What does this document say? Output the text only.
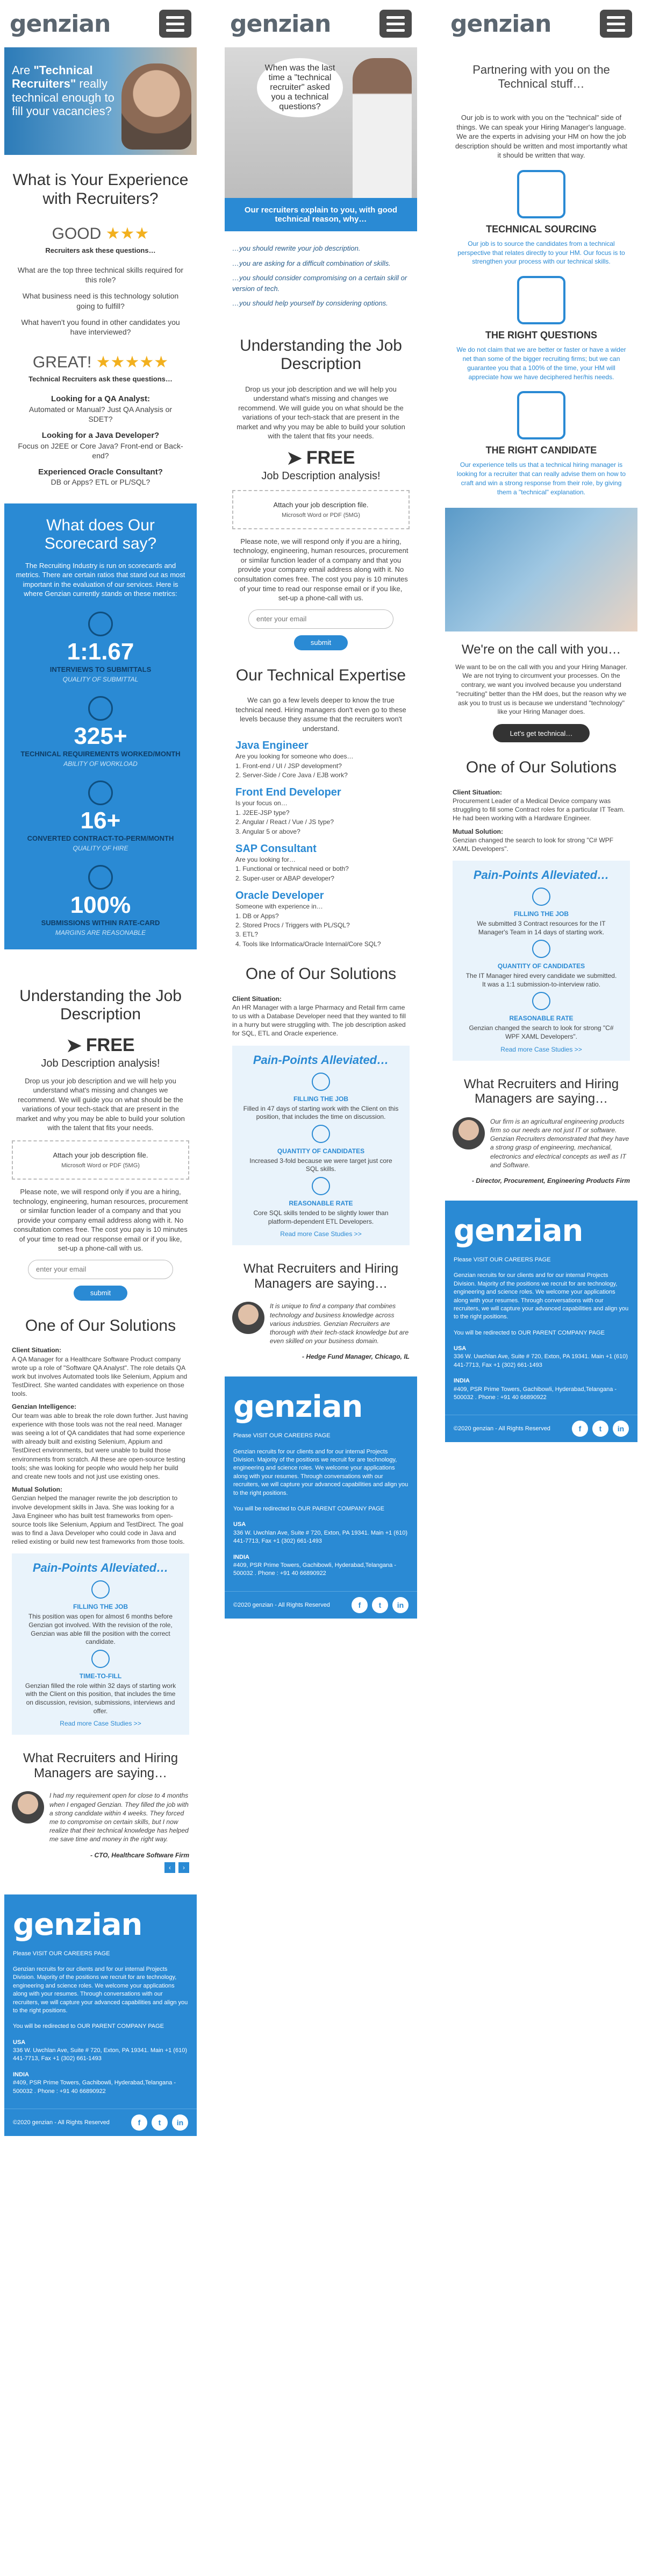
genzian
Are "Technical Recruiters" really technical enough to fill your vacancies?
What is Your Experience with Recruiters?
GOOD ★★★
Recruiters ask these questions…
What are the top three technical skills required for this role?
What business need is this technology solution going to fulfill?
What haven't you found in other candidates you have interviewed?
GREAT! ★★★★★
Technical Recruiters ask these questions…
Looking for a QA Analyst:
Automated or Manual? Just QA Analysis or SDET?
Looking for a Java Developer?
Focus on J2EE or Core Java? Front-end or Back-end?
Experienced Oracle Consultant?
DB or Apps? ETL or PL/SQL?
What does Our Scorecard say?

The Recruiting Industry is run on scorecards and metrics. There are certain ratios that stand out as most important in the evaluation of our services. Here is where Genzian currently stands on these metrics:

1:1.67
INTERVIEWS TO SUBMITTALS
QUALITY OF SUBMITTAL
325+
TECHNICAL REQUIREMENTS WORKED/MONTH
ABILITY OF WORKLOAD
16+
CONVERTED CONTRACT-TO-PERM/MONTH
QUALITY OF HIRE
100%
SUBMISSIONS WITHIN RATE-CARD
MARGINS ARE REASONABLE
Understanding the Job Description
➤ FREE
Job Description analysis!
Drop us your job description and we will help you understand what's missing and changes we recommend. We will guide you on what should be the variations of your tech-stack that are present in the market and why you may be able to build your solution with the talent that fits your needs.
Attach your job description file.
Microsoft Word or PDF (5MG)
Please note, we will respond only if you are a hiring, technology, engineering, human resources, procurement or similar function leader of a company and that you provide your company email address along with it. No consultation comes free. The cost you pay is 10 minutes of your time to read our response email or if you like, set-up a phone-call with us.
enter your email
submit
One of Our Solutions
Client Situation:
A QA Manager for a Healthcare Software Product company wrote up a role of "Software QA Analyst". The role details QA work but involves Automated tools like Selenium, Appium and TestDirect. She wanted candidates with experience on those tools.
Genzian Intelligence:
Our team was able to break the role down further. Just having experience with those tools was not the real need. Manager was seeing a lot of QA candidates that had some experience with already built and existing Selenium, Appium and TestDirect environments, but were unable to build those environments from scratch. All these are open-source testing tools; she was looking for people who would help her build and create new tools and not just use existing ones.
Mutual Solution:
Genzian helped the manager rewrite the job description to involve development skills in Java. She was looking for a Java Engineer who has built test frameworks from open-source tools like Selenium, Appium and TestDirect. The goal was to find a Java Developer who could code in Java and relied existing or build new test frameworks from those tools.
Pain-Points Alleviated…
FILLING THE JOB
This position was open for almost 6 months before Genzian got involved. With the revision of the role, Genzian was able fill the position with the correct candidate.
TIME-TO-FILL
Genzian filled the role within 32 days of starting work with the Client on this position, that includes the time on discussion, revision, submissions, interviews and offer.
Read more Case Studies >>
What Recruiters and Hiring Managers are saying…
I had my requirement open for close to 4 months when I engaged Genzian. They filled the job with a strong candidate within 4 weeks. They forced me to compromise on certain skills, but I now realize that their technical knowledge has helped me save time and money in the right way.
- CTO, Healthcare Software Firm
‹	›
genzian

Please VISIT OUR CAREERS PAGE

Genzian recruits for our clients and for our internal Projects Division. Majority of the positions we recruit for are technology, engineering and science roles. We welcome your applications along with your resumes. Through conversations with our recruiters, we will capture your advanced capabilities and align you to the right positions.

You will be redirected to OUR PARENT COMPANY PAGE

USA
336 W. Uwchlan Ave, Suite # 720, Exton, PA 19341. Main +1 (610) 441-7713, Fax +1 (302) 661-1493
INDIA
#409, PSR Prime Towers, Gachibowli, Hyderabad,Telangana - 500032 . Phone : +91 40 66890922
©2020 genzian - All Rights Reserved	f	t	in
genzian
When was the last time a "technical recruiter" asked you a technical questions?
Our recruiters explain to you, with good technical reason, why…
…you should rewrite your job description.
…you are asking for a difficult combination of skills.
…you should consider compromising on a certain skill or version of tech.
…you should help yourself by considering options.
Understanding the Job Description
Drop us your job description and we will help you understand what's missing and changes we recommend. We will guide you on what should be the variations of your tech-stack that are present in the market and why you may be able to build your solution with the talent that fits your needs.
➤ FREE
Job Description analysis!
Attach your job description file.
Microsoft Word or PDF (5MG)
Please note, we will respond only if you are a hiring, technology, engineering, human resources, procurement or similar function leader of a company and that you provide your company email address along with it. No consultation comes free. The cost you pay is 10 minutes of your time to read our response email or if you like, set-up a phone-call with us.
enter your email
submit
Our Technical Expertise
We can go a few levels deeper to know the true technical need. Hiring managers don't even go to these levels because they assume that the recruiters won't understand.
Java Engineer
Are you looking for someone who does…
1. Front-end / UI / JSP development?
2. Server-Side / Core Java / EJB work?
Front End Developer
Is your focus on…
1. J2EE-JSP type?
2. Angular / React / Vue / JS type?
3. Angular 5 or above?
SAP Consultant
Are you looking for…
1. Functional or technical need or both?
2. Super-user or ABAP developer?
Oracle Developer
Someone with experience in…
1. DB or Apps?
2. Stored Procs / Triggers with PL/SQL?
3. ETL?
4. Tools like Informatica/Oracle Internal/Core SQL?
One of Our Solutions
Client Situation:
An HR Manager with a large Pharmacy and Retail firm came to us with a Database Developer need that they wanted to fill in a hurry but were struggling with. The job description asked for SQL, ETL and Oracle experience.
Pain-Points Alleviated…
FILLING THE JOB
Filled in 47 days of starting work with the Client on this position, that includes the time on discussion.
QUANTITY OF CANDIDATES
Increased 3-fold because we were target just core SQL skills.
REASONABLE RATE
Core SQL skills tended to be slightly lower than platform-dependent ETL Developers.
Read more Case Studies >>
What Recruiters and Hiring Managers are saying…
It is unique to find a company that combines technology and business knowledge across various industries. Genzian Recruiters are thorough with their tech-stack knowledge but are even skilled on your business domain.
- Hedge Fund Manager, Chicago, IL
genzian

Please VISIT OUR CAREERS PAGE

Genzian recruits for our clients and for our internal Projects Division. Majority of the positions we recruit for are technology, engineering and science roles. We welcome your applications along with your resumes. Through conversations with our recruiters, we will capture your advanced capabilities and align you to the right positions.

You will be redirected to OUR PARENT COMPANY PAGE

USA
336 W. Uwchlan Ave, Suite # 720, Exton, PA 19341. Main +1 (610) 441-7713, Fax +1 (302) 661-1493
INDIA
#409, PSR Prime Towers, Gachibowli, Hyderabad,Telangana - 500032 . Phone : +91 40 66890922
©2020 genzian - All Rights Reserved	f	t	in
genzian
Partnering with you on the Technical stuff…
Our job is to work with you on the "technical" side of things. We can speak your Hiring Manager's language. We are the experts in advising your HM on how the job description should be written and most importantly what it should be written that way.
TECHNICAL SOURCING

Our job is to source the candidates from a technical perspective that relates directly to your HM. Our focus is to strengthen your process with our technical skills.

THE RIGHT QUESTIONS

We do not claim that we are better or faster or have a wider net than some of the bigger recruiting firms; but we can guarantee you that a 100% of the time, your HM will appreciate how we have deciphered her/his needs.

THE RIGHT CANDIDATE

Our experience tells us that a technical hiring manager is looking for a recruiter that can really advise them on how to craft and win a strong response from their role, by giving them a "technical" explanation.

We're on the call with you…
We want to be on the call with you and your Hiring Manager. We are not trying to circumvent your processes. On the contrary, we want you involved because you understand "recruiting" better than the HM does, but the reason why we ask you to trust us is because we understand "technology" like your Hiring Manager does.
Let's get technical…
One of Our Solutions
Client Situation:
Procurement Leader of a Medical Device company was struggling to fill some Contract roles for a particular IT Team. He had been working with a Hardware Engineer.
Mutual Solution:
Genzian changed the search to look for strong "C# WPF XAML Developers".
Pain-Points Alleviated…
FILLING THE JOB
We submitted 3 Contract resources for the IT Manager's Team in 14 days of starting work.
QUANTITY OF CANDIDATES
The IT Manager hired every candidate we submitted. It was a 1:1 submission-to-interview ratio.
REASONABLE RATE
Genzian changed the search to look for strong "C# WPF XAML Developers".
Read more Case Studies >>
What Recruiters and Hiring Managers are saying…
Our firm is an agricultural engineering products firm so our needs are not just IT or software. Genzian Recruiters demonstrated that they have a strong grasp of engineering, mechanical, electronics and electrical concepts as well as IT and Software.
- Director, Procurement, Engineering Products Firm
genzian

Please VISIT OUR CAREERS PAGE

Genzian recruits for our clients and for our internal Projects Division. Majority of the positions we recruit for are technology, engineering and science roles. We welcome your applications along with your resumes. Through conversations with our recruiters, we will capture your advanced capabilities and align you to the right positions.

You will be redirected to OUR PARENT COMPANY PAGE

USA
336 W. Uwchlan Ave, Suite # 720, Exton, PA 19341. Main +1 (610) 441-7713, Fax +1 (302) 661-1493
INDIA
#409, PSR Prime Towers, Gachibowli, Hyderabad,Telangana - 500032 . Phone : +91 40 66890922
©2020 genzian - All Rights Reserved	f	t	in
